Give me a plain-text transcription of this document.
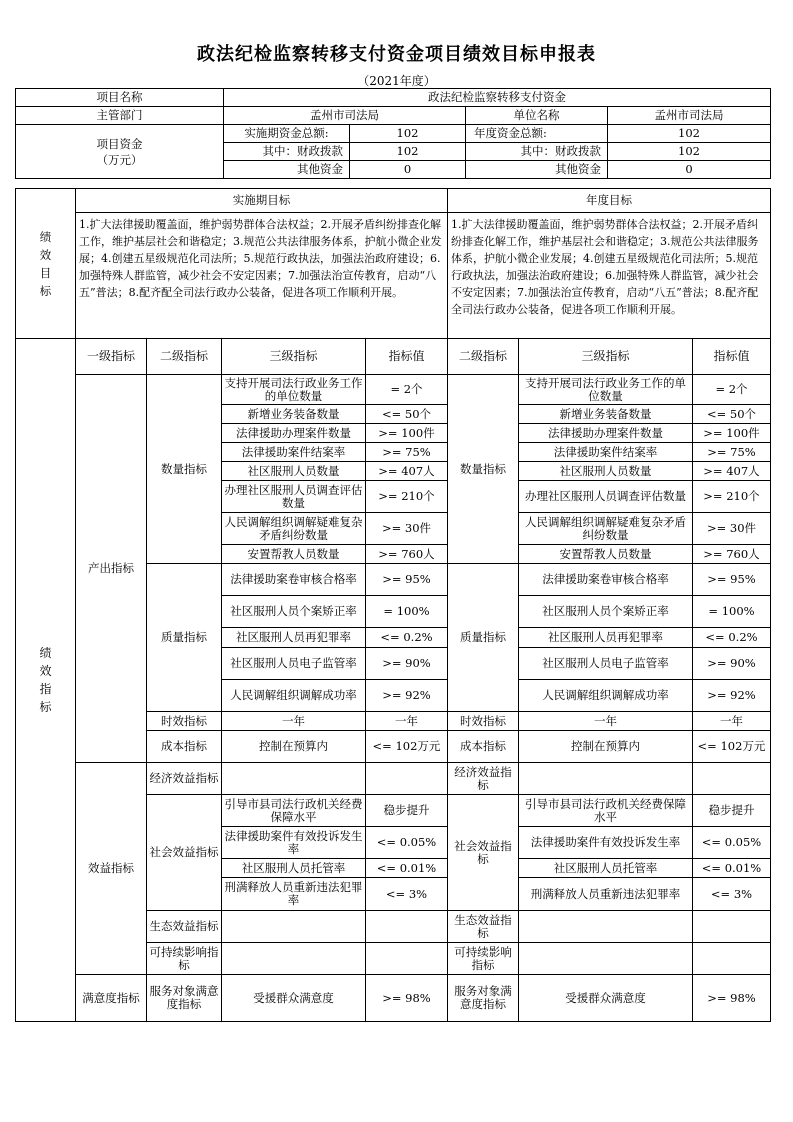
政法纪检监察转移支付资金项目绩效目标申报表
（2021年度）
项目名称	政法纪检监察转移支付资金			
主管部门	孟州市司法局		单位名称	孟州市司法局
项目资金
（万元）	实施期资金总额:	102	年度资金总额:	102
	其中：财政拨款	102	其中：财政拨款	102
	其他资金	0	其他资金	0
绩
效
目
标	实施期目标	年度目标
	1.扩大法律援助覆盖面，维护弱势群体合法权益；2.开展矛盾纠纷排查化解工作，维护基层社会和谐稳定；3.规范公共法律服务体系，护航小微企业发展；4.创建五星级规范化司法所；5.规范行政执法，加强法治政府建设；6.加强特殊人群监管，减少社会不安定因素；7.加强法治宣传教育，启动“八五”普法；8.配齐配全司法行政办公装备，促进各项工作顺利开展。	1.扩大法律援助覆盖面，维护弱势群体合法权益；2.开展矛盾纠纷排查化解工作，维护基层社会和谐稳定；3.规范公共法律服务体系，护航小微企业发展；4.创建五星级规范化司法所；5.规范行政执法，加强法治政府建设；6.加强特殊人群监管，减少社会不安定因素；7.加强法治宣传教育，启动“八五”普法；8.配齐配全司法行政办公装备，促进各项工作顺利开展。
绩
效
指
标	一级指标	二级指标	三级指标	指标值	二级指标	三级指标	指标值
	产出指标	数量指标	支持开展司法行政业务工作的单位数量	= 2个	数量指标	支持开展司法行政业务工作的单位数量	= 2个
			新增业务装备数量	<= 50个		新增业务装备数量	<= 50个
			法律援助办理案件数量	>= 100件		法律援助办理案件数量	>= 100件
			法律援助案件结案率	>= 75%		法律援助案件结案率	>= 75%
			社区服刑人员数量	>= 407人		社区服刑人员数量	>= 407人
			办理社区服刑人员调查评估数量	>= 210个		办理社区服刑人员调查评估数量	>= 210个
			人民调解组织调解疑难复杂矛盾纠纷数量	>= 30件		人民调解组织调解疑难复杂矛盾纠纷数量	>= 30件
			安置帮教人员数量	>= 760人		安置帮教人员数量	>= 760人
		质量指标	法律援助案卷审核合格率	>= 95%	质量指标	法律援助案卷审核合格率	>= 95%
			社区服刑人员个案矫正率	= 100%		社区服刑人员个案矫正率	= 100%
			社区服刑人员再犯罪率	<= 0.2%		社区服刑人员再犯罪率	<= 0.2%
			社区服刑人员电子监管率	>= 90%		社区服刑人员电子监管率	>= 90%
			人民调解组织调解成功率	>= 92%		人民调解组织调解成功率	>= 92%
		时效指标	一年	一年	时效指标	一年	一年
		成本指标	控制在预算内	<= 102万元	成本指标	控制在预算内	<= 102万元
	效益指标	经济效益指标			经济效益指标		
		社会效益指标	引导市县司法行政机关经费保障水平	稳步提升	社会效益指标	引导市县司法行政机关经费保障水平	稳步提升
			法律援助案件有效投诉发生率	<= 0.05%		法律援助案件有效投诉发生率	<= 0.05%
			社区服刑人员托管率	<= 0.01%		社区服刑人员托管率	<= 0.01%
			刑满释放人员重新违法犯罪率	<= 3%		刑满释放人员重新违法犯罪率	<= 3%
		生态效益指标			生态效益指标		
		可持续影响指标			可持续影响指标		
	满意度指标	服务对象满意度指标	受援群众满意度	>= 98%	服务对象满意度指标	受援群众满意度	>= 98%
